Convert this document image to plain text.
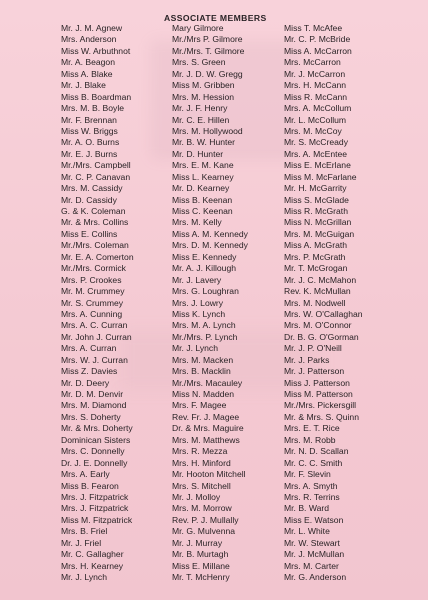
ASSOCIATE MEMBERS
Mr. J. M. Agnew
Mrs. Anderson
Miss W. Arbuthnot
Mr. A. Beagon
Miss A. Blake
Mr. J. Blake
Miss B. Boardman
Mrs. M. B. Boyle
Mr. F. Brennan
Miss W. Briggs
Mr. A. O. Burns
Mr. E. J. Burns
Mr./Mrs. Campbell
Mr. C. P. Canavan
Mrs. M. Cassidy
Mr. D. Cassidy
G. & K. Coleman
Mr. & Mrs. Collins
Miss E. Collins
Mr./Mrs. Coleman
Mr. E. A. Comerton
Mr./Mrs. Cormick
Mrs. P. Crookes
Mr. M. Crummey
Mr. S. Crummey
Mrs. A. Cunning
Mrs. A. C. Curran
Mr. John J. Curran
Mrs. A. Curran
Mrs. W. J. Curran
Miss Z. Davies
Mr. D. Deery
Mr. D. M. Denvir
Mrs. M. Diamond
Mrs. S. Doherty
Mr. & Mrs. Doherty
Dominican Sisters
Mrs. C. Donnelly
Dr. J. E. Donnelly
Mrs. A. Early
Miss B. Fearon
Mrs. J. Fitzpatrick
Mrs. J. Fitzpatrick
Miss M. Fitzpatrick
Mrs. B. Friel
Mr. J. Friel
Mr. C. Gallagher
Mrs. H. Kearney
Mr. J. Lynch
Mary Gilmore
Mr./Mrs P. Gilmore
Mr./Mrs. T. Gilmore
Mrs. S. Green
Mr. J. D. W. Gregg
Miss M. Gribben
Mrs. M. Hession
Mr. J. F. Henry
Mr. C. E. Hillen
Mrs. M. Hollywood
Mr. B. W. Hunter
Mr. D. Hunter
Mrs. E. M. Kane
Miss L. Kearney
Mr. D. Kearney
Miss B. Keenan
Miss C. Keenan
Mrs. M. Kelly
Miss A. M. Kennedy
Mrs. D. M. Kennedy
Miss E. Kennedy
Mr. A. J. Killough
Mr. J. Lavery
Mrs. G. Loughran
Mrs. J. Lowry
Miss K. Lynch
Mrs. M. A. Lynch
Mr./Mrs. P. Lynch
Mr. J. Lynch
Mrs. M. Macken
Mrs. B. Macklin
Mr./Mrs. Macauley
Miss N. Madden
Mrs. F. Magee
Rev. Fr. J. Magee
Dr. & Mrs. Maguire
Mrs. M. Matthews
Mrs. R. Mezza
Mrs. H. Minford
Mr. Hooton Mitchell
Mrs. S. Mitchell
Mr. J. Molloy
Mrs. M. Morrow
Rev. P. J. Mullally
Mr. G. Mulvenna
Mr. J. Murray
Mr. B. Murtagh
Miss E. Millane
Mr. T. McHenry
Miss T. McAfee
Mr. C. P. McBride
Miss A. McCarron
Mrs. McCarron
Mr. J. McCarron
Mrs. H. McCann
Miss R. McCann
Mrs. A. McCollum
Mr. L. McCollum
Mrs. M. McCoy
Mr. S. McCready
Mrs. A. McEntee
Miss E. McErlane
Miss M. McFarlane
Mr. H. McGarrity
Miss S. McGlade
Miss R. McGrath
Miss N. McGrillan
Mrs. M. McGuigan
Miss A. McGrath
Mrs. P. McGrath
Mr. T. McGrogan
Mr. J. C. McMahon
Rev. K. McMullan
Mrs. M. Nodwell
Mrs. W. O'Callaghan
Mrs. M. O'Connor
Dr. B. G. O'Gorman
Mr. J. P. O'Neill
Mr. J. Parks
Mr. J. Patterson
Miss J. Patterson
Miss M. Patterson
Mr./Mrs. Pickersgill
Mr. & Mrs. S. Quinn
Mrs. E. T. Rice
Mrs. M. Robb
Mr. N. D. Scallan
Mr. C. C. Smith
Mr. F. Slevin
Mrs. A. Smyth
Mrs. R. Terrins
Mr. B. Ward
Miss E. Watson
Mr. L. White
Mr. W. Stewart
Mr. J. McMullan
Mrs. M. Carter
Mr. G. Anderson
